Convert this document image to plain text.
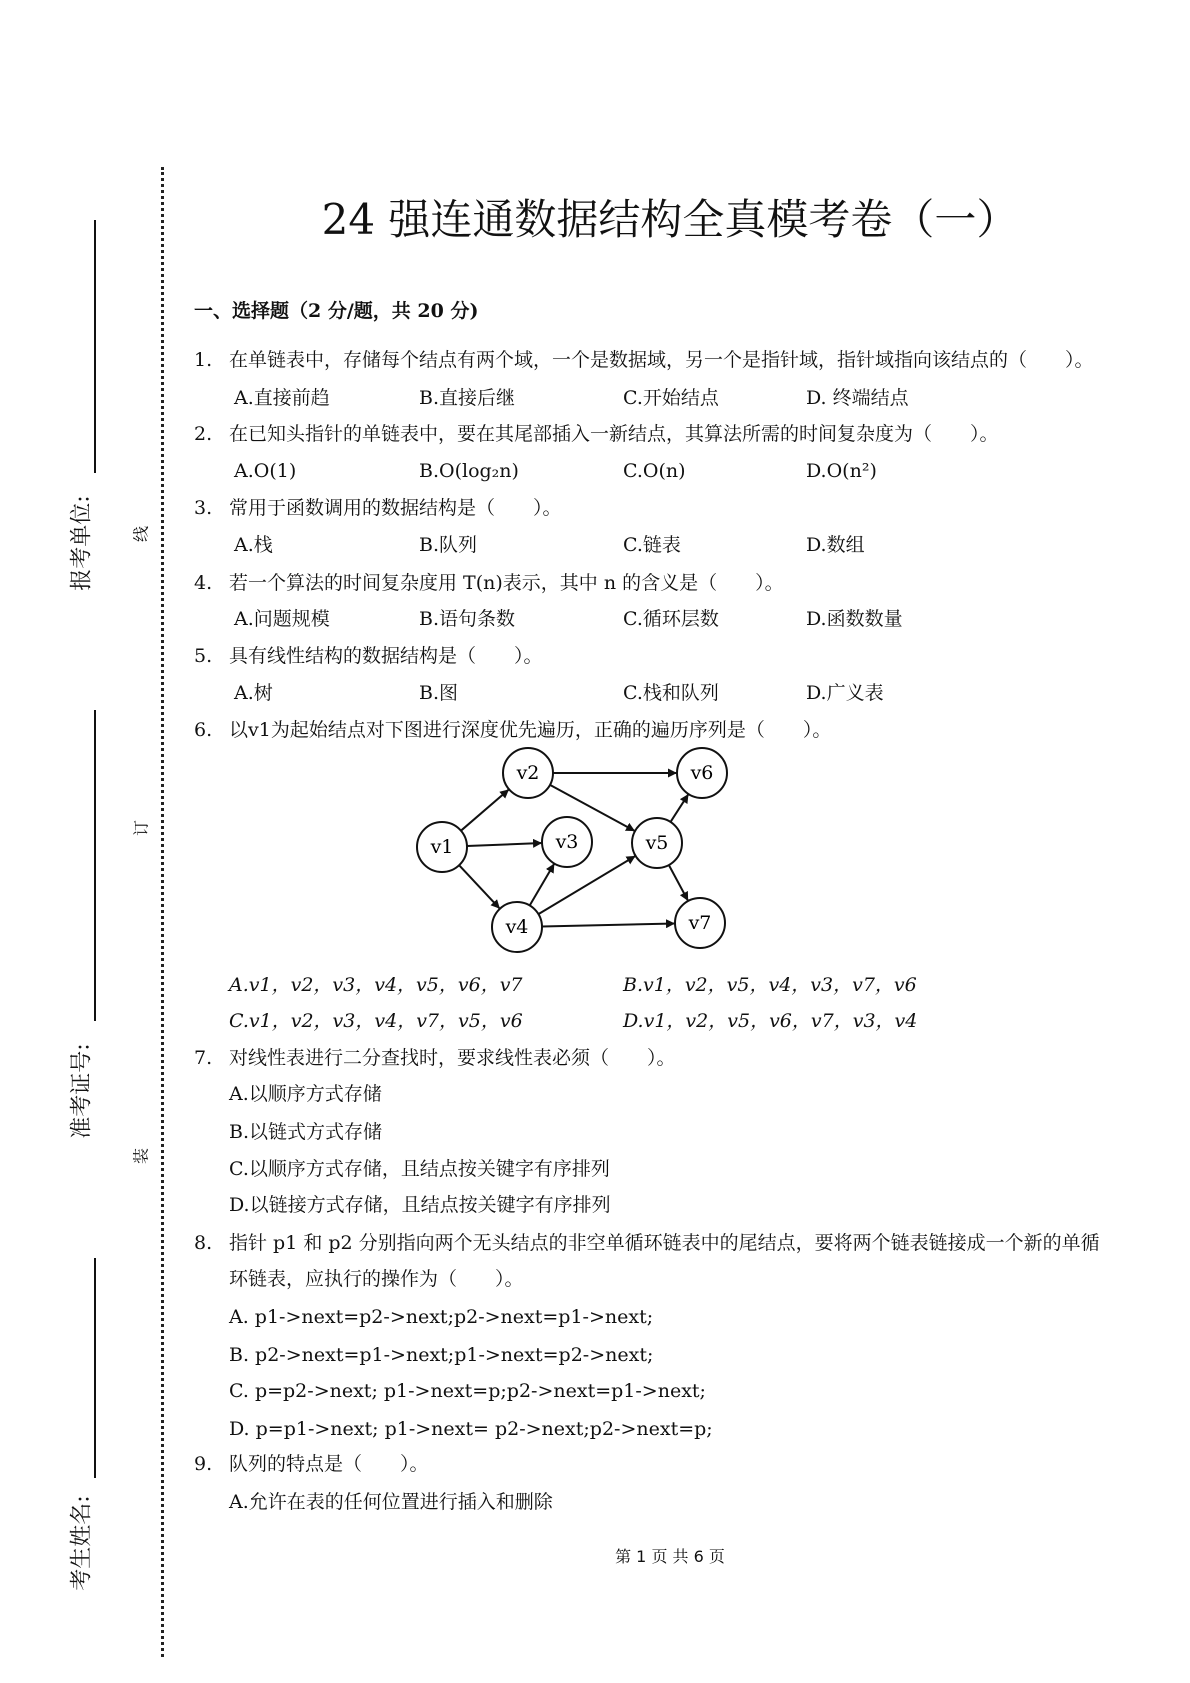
报考单位:
准考证号:
考生姓名:
线
订
装
24 强连通数据结构全真模考卷（一）
一、选择题（2 分/题，共 20 分)
1. 在单链表中，存储每个结点有两个域，一个是数据域，另一个是指针域，指针域指向该结点的（　　）。
A.直接前趋	B.直接后继	C.开始结点	D. 终端结点
2. 在已知头指针的单链表中，要在其尾部插入一新结点，其算法所需的时间复杂度为（　　）。
A.O(1)	B.O(log₂n)	C.O(n)	D.O(n²)
3. 常用于函数调用的数据结构是（　　）。
A.栈	B.队列	C.链表	D.数组
4. 若一个算法的时间复杂度用 T(n)表示，其中 n 的含义是（　　）。
A.问题规模	B.语句条数	C.循环层数	D.函数数量
5. 具有线性结构的数据结构是（　　）。
A.树	B.图	C.栈和队列	D.广义表
6. 以v1为起始结点对下图进行深度优先遍历，正确的遍历序列是（　　）。
A.v1，v2，v3，v4，v5，v6，v7	B.v1，v2，v5，v4，v3，v7，v6
C.v1，v2，v3，v4，v7，v5，v6	D.v1，v2，v5，v6，v7，v3，v4
7. 对线性表进行二分查找时，要求线性表必须（　　）。
A.以顺序方式存储
B.以链式方式存储
C.以顺序方式存储，且结点按关键字有序排列
D.以链接方式存储，且结点按关键字有序排列
8. 指针 p1 和 p2 分别指向两个无头结点的非空单循环链表中的尾结点，要将两个链表链接成一个新的单循
环链表，应执行的操作为（　　）。
A. p1->next=p2->next;p2->next=p1->next;
B. p2->next=p1->next;p1->next=p2->next;
C. p=p2->next; p1->next=p;p2->next=p1->next;
D. p=p1->next; p1->next= p2->next;p2->next=p;
9. 队列的特点是（　　）。
A.允许在表的任何位置进行插入和删除
v1
v2
v3
v4
v5
v6
v7
第 1 页 共 6 页
